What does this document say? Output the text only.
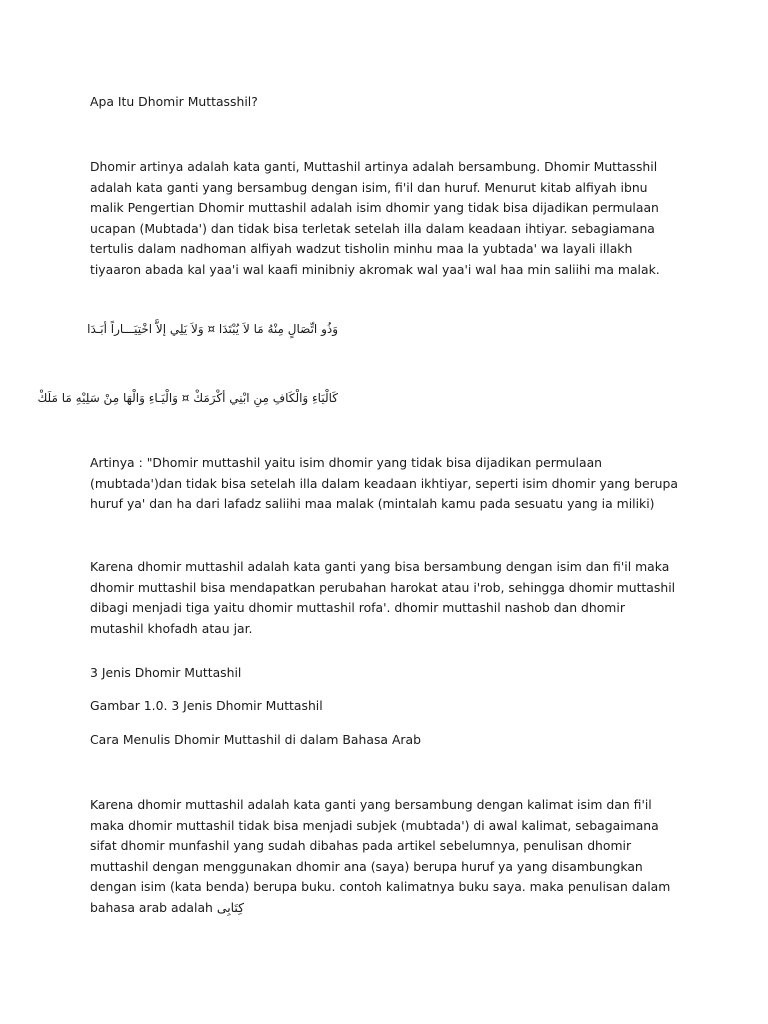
Apa Itu Dhomir Muttasshil?

Dhomir artinya adalah kata ganti, Muttashil artinya adalah bersambung. Dhomir Muttasshil adalah kata ganti yang bersambug dengan isim, fi'il dan huruf. Menurut kitab alfiyah ibnu malik Pengertian Dhomir muttashil adalah isim dhomir yang tidak bisa dijadikan permulaan ucapan (Mubtada') dan tidak bisa terletak setelah illa dalam keadaan ihtiyar. sebagiamana tertulis dalam nadhoman alfiyah wadzut tisholin minhu maa la yubtada' wa layali illakh tiyaaron abada kal yaa'i wal kaafi minibniy akromak wal yaa'i wal haa min saliihi ma malak.

وَذُو اتِّصَالٍ مِنْهُ مَا لاَ يُبْتَدَا ¤ وَلاَ يَلِي إلاَّ اخْتِيَـــاراً أبَـدَا

كَالْيَاءِ وَالْكَافِ مِنِ ابْنِي أكْرَمَكْ ¤ وَالْيَـاءِ وَالْهَا مِنْ سَلِيْهِ مَا مَلَكْ

Artinya : "Dhomir muttashil yaitu isim dhomir yang tidak bisa dijadikan permulaan (mubtada')dan tidak bisa setelah illa dalam keadaan ikhtiyar, seperti isim dhomir yang berupa huruf ya' dan ha dari lafadz saliihi maa malak (mintalah kamu pada sesuatu yang ia miliki)

Karena dhomir muttashil adalah kata ganti yang bisa bersambung dengan isim dan fi'il maka dhomir muttashil bisa mendapatkan perubahan harokat atau i'rob, sehingga dhomir muttashil dibagi menjadi tiga yaitu dhomir muttashil rofa'. dhomir muttashil nashob dan dhomir mutashil khofadh atau jar.

3 Jenis Dhomir Muttashil

Gambar 1.0. 3 Jenis Dhomir Muttashil

Cara Menulis Dhomir Muttashil di dalam Bahasa Arab

Karena dhomir muttashil adalah kata ganti yang bersambung dengan kalimat isim dan fi'il maka dhomir muttashil tidak bisa menjadi subjek (mubtada') di awal kalimat, sebagaimana sifat dhomir munfashil yang sudah dibahas pada artikel sebelumnya, penulisan dhomir muttashil dengan menggunakan dhomir ana (saya) berupa huruf ya yang disambungkan dengan isim (kata benda) berupa buku. contoh kalimatnya buku saya. maka penulisan dalam bahasa arab adalah كِتَابِى
